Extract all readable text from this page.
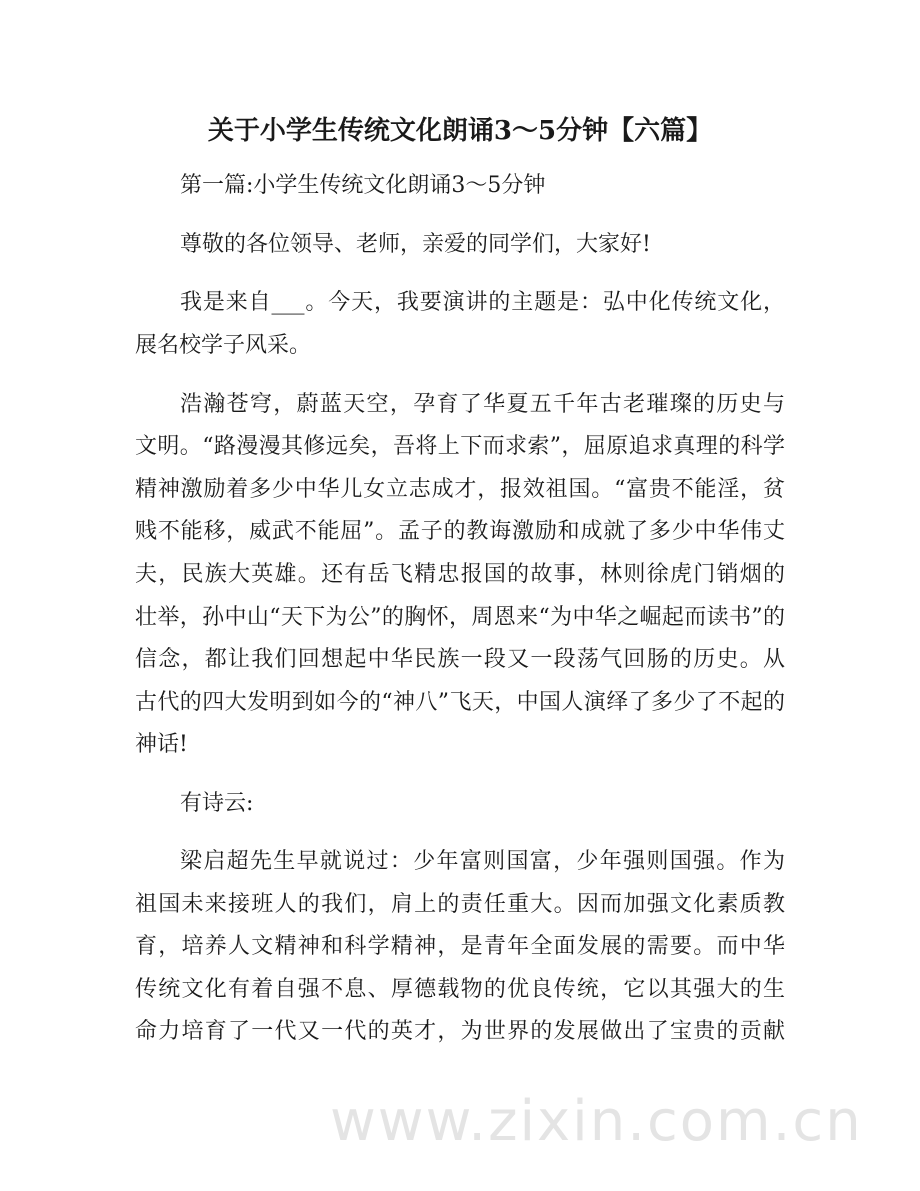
关于小学生传统文化朗诵3～5分钟【六篇】
第一篇:小学生传统文化朗诵3～5分钟
尊敬的各位领导、老师，亲爱的同学们，大家好!
我是来自___。今天，我要演讲的主题是：弘中化传统文化，
展名校学子风采。
浩瀚苍穹，蔚蓝天空，孕育了华夏五千年古老璀璨的历史与
文明。“路漫漫其修远矣，吾将上下而求索”，屈原追求真理的科学
精神激励着多少中华儿女立志成才，报效祖国。“富贵不能淫，贫
贱不能移，威武不能屈”。孟子的教诲激励和成就了多少中华伟丈
夫，民族大英雄。还有岳飞精忠报国的故事，林则徐虎门销烟的
壮举，孙中山“天下为公”的胸怀，周恩来“为中华之崛起而读书”的
信念，都让我们回想起中华民族一段又一段荡气回肠的历史。从
古代的四大发明到如今的“神八”飞天，中国人演绎了多少了不起的
神话!
有诗云:
梁启超先生早就说过：少年富则国富，少年强则国强。作为
祖国未来接班人的我们，肩上的责任重大。因而加强文化素质教
育，培养人文精神和科学精神，是青年全面发展的需要。而中华
传统文化有着自强不息、厚德载物的优良传统，它以其强大的生
命力培育了一代又一代的英才，为世界的发展做出了宝贵的贡献
www.zixin.com.cn
